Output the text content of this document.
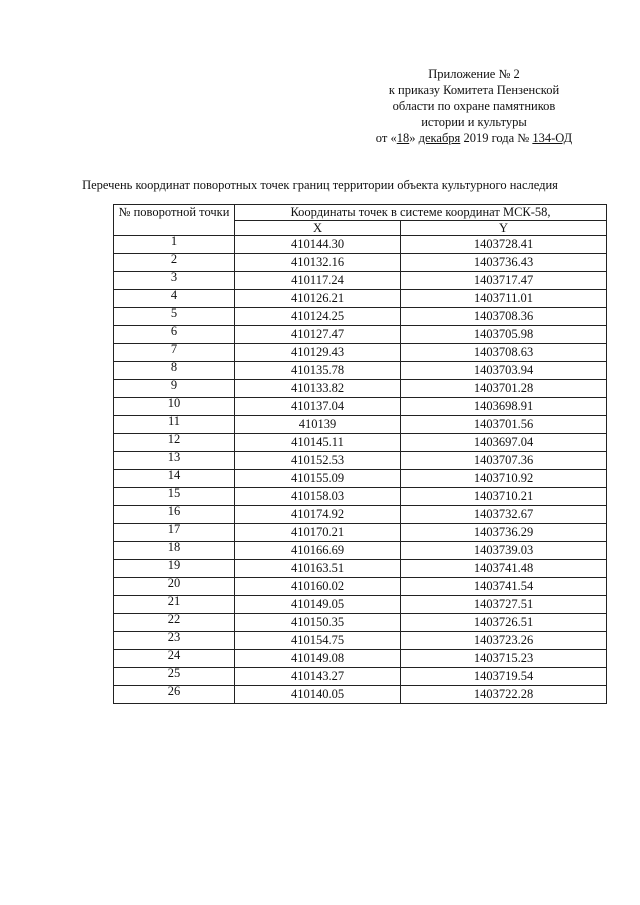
Приложение № 2
к приказу Комитета Пензенской
области по охране памятников
истории и культуры
от «18» декабря 2019 года № 134-ОД
Перечень координат поворотных точек границ территории объекта культурного наследия
№ поворотной точки	Координаты точек в системе координат МСК-58,	
	X	Y
1	410144.30	1403728.41
2	410132.16	1403736.43
3	410117.24	1403717.47
4	410126.21	1403711.01
5	410124.25	1403708.36
6	410127.47	1403705.98
7	410129.43	1403708.63
8	410135.78	1403703.94
9	410133.82	1403701.28
10	410137.04	1403698.91
11	410139	1403701.56
12	410145.11	1403697.04
13	410152.53	1403707.36
14	410155.09	1403710.92
15	410158.03	1403710.21
16	410174.92	1403732.67
17	410170.21	1403736.29
18	410166.69	1403739.03
19	410163.51	1403741.48
20	410160.02	1403741.54
21	410149.05	1403727.51
22	410150.35	1403726.51
23	410154.75	1403723.26
24	410149.08	1403715.23
25	410143.27	1403719.54
26	410140.05	1403722.28
